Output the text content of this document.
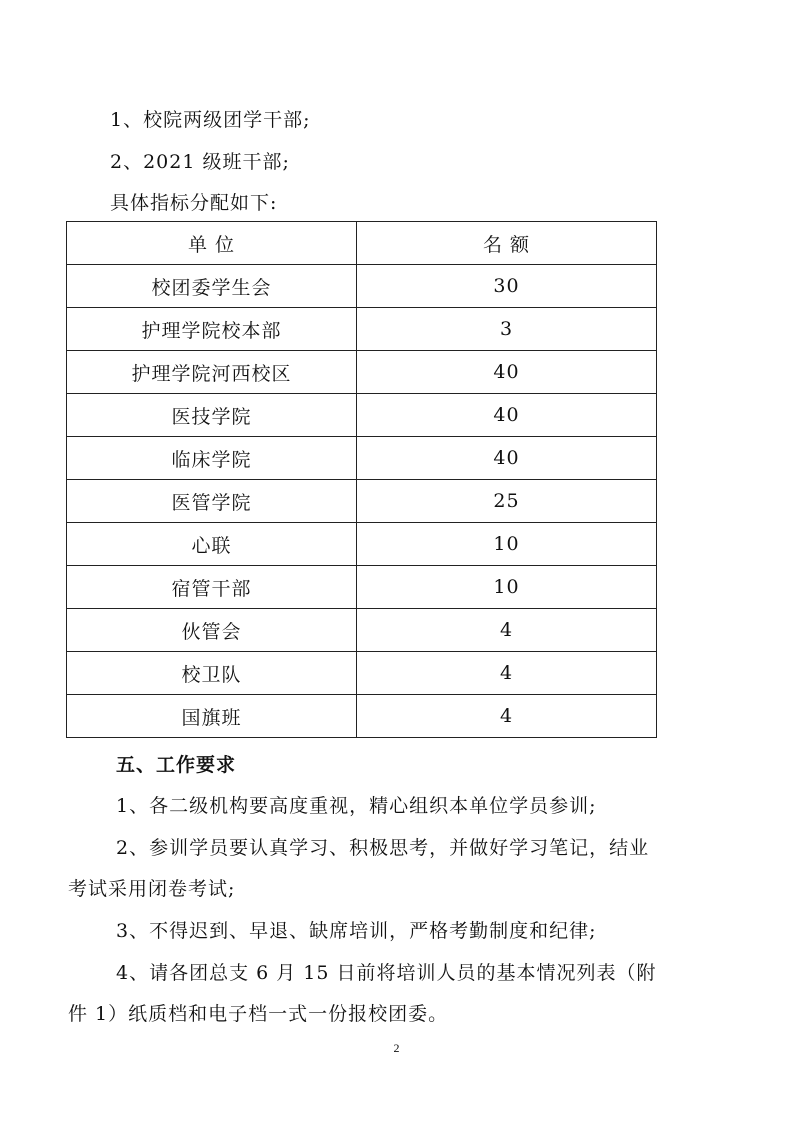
1、校院两级团学干部;
2、2021 级班干部;
具体指标分配如下:
单 位	名 额
校团委学生会	30
护理学院校本部	3
护理学院河西校区	40
医技学院	40
临床学院	40
医管学院	25
心联	10
宿管干部	10
伙管会	4
校卫队	4
国旗班	4
五、工作要求
1、各二级机构要高度重视，精心组织本单位学员参训;
2、参训学员要认真学习、积极思考，并做好学习笔记，结业
考试采用闭卷考试;
3、不得迟到、早退、缺席培训，严格考勤制度和纪律;
4、请各团总支 6 月 15 日前将培训人员的基本情况列表（附
件 1）纸质档和电子档一式一份报校团委。
2
